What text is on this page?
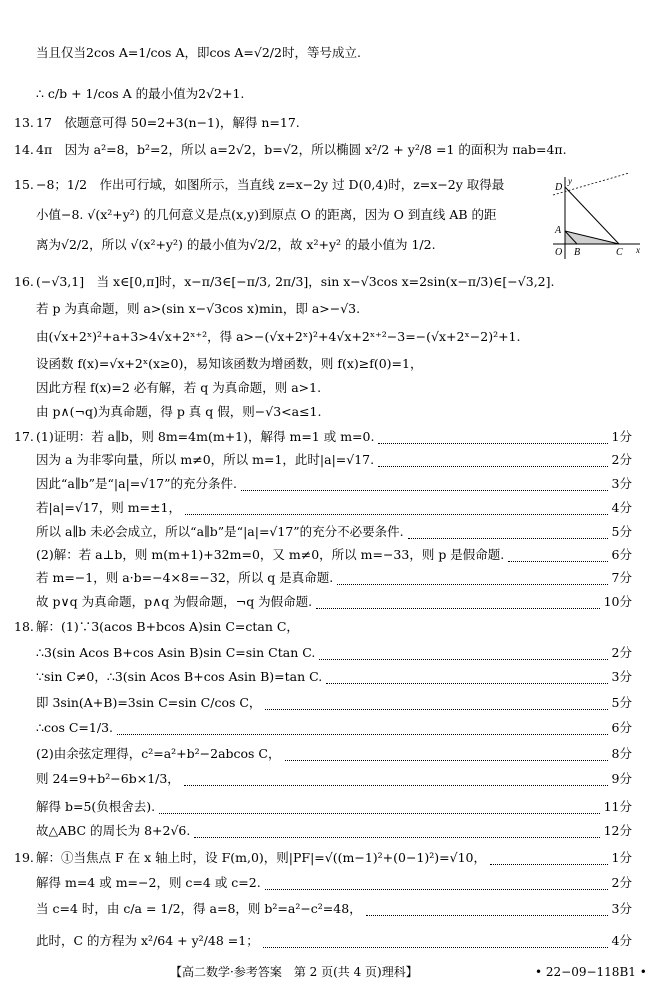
当且仅当2cos A=1/cos A，即cos A=√2/2时，等号成立.
∴ c/b + 1/cos A 的最小值为2√2+1.
13. 17　依题意可得 50=2+3(n−1)，解得 n=17.
14. 4π　因为 a²=8，b²=2，所以 a=2√2，b=√2，所以椭圆 x²/2 + y²/8 =1 的面积为 πab=4π.
15. −8；1/2　作出可行域，如图所示，当直线 z=x−2y 过 D(0,4)时，z=x−2y 取得最
小值−8. √(x²+y²) 的几何意义是点(x,y)到原点 O 的距离，因为 O 到直线 AB 的距
离为√2/2，所以 √(x²+y²) 的最小值为√2/2，故 x²+y² 的最小值为 1/2.
16. (−√3,1]　当 x∈[0,π]时，x−π/3∈[−π/3, 2π/3]，sin x−√3cos x=2sin(x−π/3)∈[−√3,2].
若 p 为真命题，则 a>(sin x−√3cos x)min，即 a>−√3.
由(√x+2ˣ)²+a+3>4√x+2ˣ⁺²，得 a>−(√x+2ˣ)²+4√x+2ˣ⁺²−3=−(√x+2ˣ−2)²+1.
设函数 f(x)=√x+2ˣ(x≥0)，易知该函数为增函数，则 f(x)≥f(0)=1，
因此方程 f(x)=2 必有解，若 q 为真命题，则 a>1.
由 p∧(¬q)为真命题，得 p 真 q 假，则−√3<a≤1.
17. (1)证明：若 a∥b，则 8m=4m(m+1)，解得 m=1 或 m=0.	1分
因为 a 为非零向量，所以 m≠0，所以 m=1，此时|a|=√17.	2分
因此“a∥b”是“|a|=√17”的充分条件.	3分
若|a|=√17，则 m=±1，	4分
所以 a∥b 未必会成立，所以“a∥b”是“|a|=√17”的充分不必要条件.	5分
(2)解：若 a⊥b，则 m(m+1)+32m=0，又 m≠0，所以 m=−33，则 p 是假命题.	6分
若 m=−1，则 a·b=−4×8=−32，所以 q 是真命题.	7分
故 p∨q 为真命题，p∧q 为假命题，¬q 为假命题.	10分
18. 解：(1)∵3(acos B+bcos A)sin C=ctan C，
∴3(sin Acos B+cos Asin B)sin C=sin Ctan C.	2分
∵sin C≠0，∴3(sin Acos B+cos Asin B)=tan C.	3分
即 3sin(A+B)=3sin C=sin C/cos C，	5分
∴cos C=1/3.	6分
(2)由余弦定理得，c²=a²+b²−2abcos C，	8分
则 24=9+b²−6b×1/3，	9分
解得 b=5(负根舍去).	11分
故△ABC 的周长为 8+2√6.	12分
19. 解：①当焦点 F 在 x 轴上时，设 F(m,0)，则|PF|=√((m−1)²+(0−1)²)=√10，	1分
解得 m=4 或 m=−2，则 c=4 或 c=2.	2分
当 c=4 时，由 c/a = 1/2，得 a=8，则 b²=a²−c²=48，	3分
此时，C 的方程为 x²/64 + y²/48 =1；	4分
D
y
A
O B	C x
【高二数学·参考答案　第 2 页(共 4 页)理科】	• 22−09−118B1 •
